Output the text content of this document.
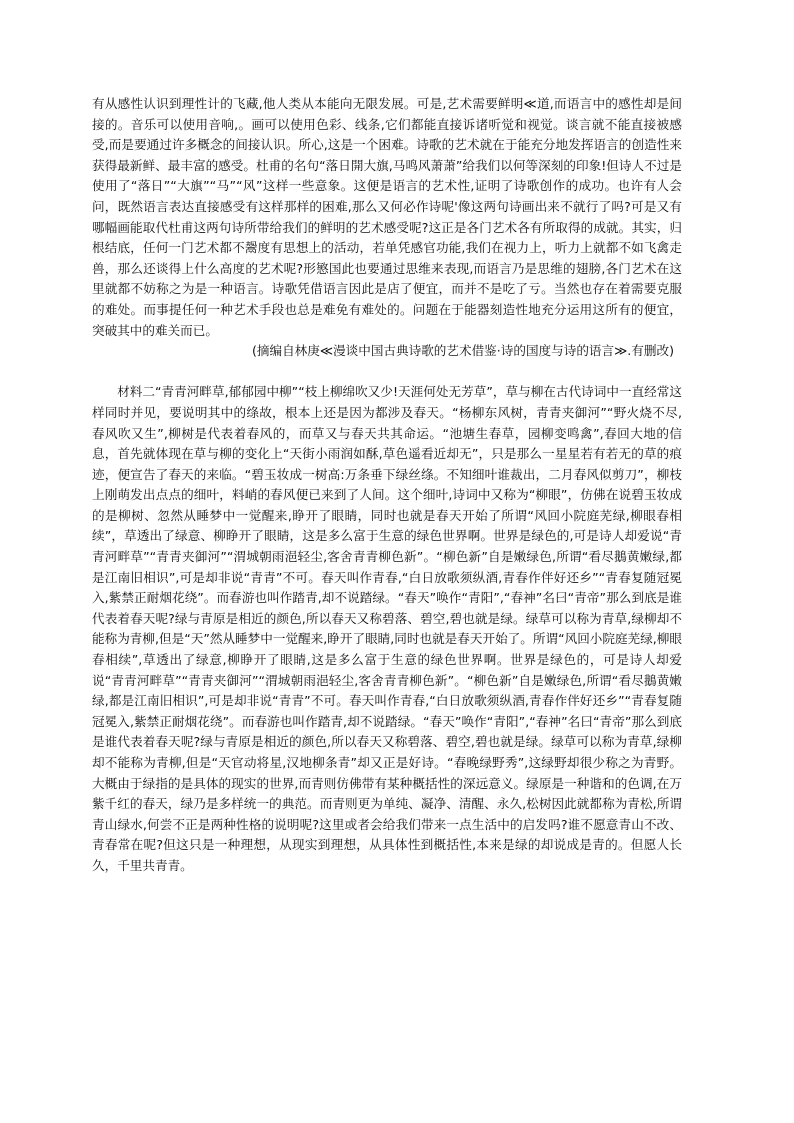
有从感性认识到理性计的飞藏,他人类从本能向无限发展。可是,艺术需要鲜明≪道,而语言中的感性却是间接的。音乐可以使用音响,。画可以使用色彩、线条,它们都能直接诉诸听觉和视觉。谈言就不能直接被感受,而是要通过许多概念的间接认识。所心,这是一个困难。诗歌的艺术就在于能充分地发挥语言的创造性来获得最新鲜、最丰富的感受。杜甫的名句“落日開大旗,马鸣风萧萧”给我们以何等深刻的印象!但诗人不过是使用了“落日”“大旗”“马”“风”这样一些意象。这便是语言的艺术性,证明了诗歌创作的成功。也许有人会问，既然语言表达直接感受有这样那样的困难,那么又何必作诗呢'像这两句诗画出来不就行了吗?可是又有哪幅画能取代杜甫这两句诗所带给我们的鲜明的艺术感受呢?这正是各门艺术各有所取得的成就。其实，归根结底，任何一门艺术都不鬶度有思想上的活动，若单凭感官功能,我们在视力上，听力上就都不如飞禽走兽，那么还谈得上什么高度的艺术呢?形慜国此也要通过思维来表现,而语言乃是思维的翅膀,各门艺术在这里就都不妨称之为是一种语言。诗歌凭借语言因此是店了便宜，而并不是吃了亏。当然也存在着需要克服的难处。而事提任何一种艺术手段也总是难免有难处的。问题在于能器刻造性地充分运用这所有的便宜，突破其中的难关而已。

(摘编自林庚≪漫谈中国古典诗歌的艺术借鉴·诗的国度与诗的语言≫.有删改)

材料二“青青河畔草,郁郁园中柳”“枝上柳绵吹又少!天涯何处无芳草”，草与柳在古代诗词中一直经常这样同时并见，要说明其中的绦故，根本上还是因为都涉及春天。“杨柳东风树，青青夹御河”“野火烧不尽,春风吹又生”,柳树是代表着春风的，而草又与春天共其命运。“池塘生春草，园柳变鸣禽”,春回大地的信息，首先就体现在草与柳的变化上“天街小雨润如酥,草色遥看近却无”，只是那么一星星若有若无的草的痕迹，便宣告了春天的来临。“碧玉妆成一树高:万条垂下绿丝绦。不知细叶谁裁出，二月春风似剪刀”，柳枝上刚萌发出点点的细叶，料峭的春风便已来到了人间。这个细叶,诗词中又称为“柳眼”，仿佛在说碧玉妆成的是柳树、忽然从睡梦中一觉醒来,睁开了眼睛，同时也就是春天开始了所谓“风回小院庭芜绿,柳眼春相续”，草透出了绿意、柳睁开了眼睛，这是多么富于生意的绿色世界啊。世界是绿色的,可是诗人却爱说“青青河畔草”“青青夹御河”“渭城朝雨浥轻尘,客舍青青柳色新”。“柳色新”自是嫩绿色,所谓“看尽鵝黄嫩绿,都是江南旧相识”,可是却非说“青青”不可。春天叫作青春,“白日放歌须纵酒,青春作伴好还乡”“青春复随冠冕入,紫禁正耐烟花绕”。而春游也叫作踏青,却不说踏绿。“春天”唤作“青阳”,“春神”名曰“青帝”那么到底是谁代表着春天呢?绿与青原是相近的颜色,所以春天又称碧落、碧空,碧也就是绿。绿草可以称为青草,绿柳却不能称为青柳,但是“天”然从睡梦中一觉醒来,睁开了眼睛,同时也就是春天开始了。所谓“风回小院庭芜绿,柳眼春相续”,草透出了绿意,柳睁开了眼睛,这是多么富于生意的绿色世界啊。世界是绿色的，可是诗人却爱说“青青河畔草”“青青夹御河”“渭城朝雨浥轻尘,客舍青青柳色新”。“柳色新”自是嫩绿色,所谓“看尽鵝黄嫩绿,都是江南旧相识”,可是却非说“青青”不可。春天叫作青春,“白日放歌须纵酒,青春作伴好还乡”“青春复随冠冕入,紫禁正耐烟花绕”。而春游也叫作踏青,却不说踏绿。“春天”唤作“青阳”,“春神”名曰“青帝”那么到底是谁代表着春天呢?绿与青原是相近的颜色,所以春天又称碧落、碧空,碧也就是绿。绿草可以称为青草,绿柳却不能称为青柳,但是“天官动将星,汉地柳条青”却又正是好诗。“春晚绿野秀”,这绿野却很少称之为青野。大概由于绿指的是具体的现实的世界,而青则仿佛带有某种概括性的深远意义。绿原是一种谐和的色调,在万紫千红的春天，绿乃是多样统一的典范。而青则更为单纯、凝净、清醒、永久,松树因此就都称为青松,所谓青山绿水,何尝不正是两种性格的说明呢?这里或者会给我们带来一点生活中的启发吗?谁不愿意青山不改、青春常在呢?但这只是一种理想，从现实到理想，从具体性到概括性,本来是绿的却说成是青的。但愿人长久，千里共青青。
